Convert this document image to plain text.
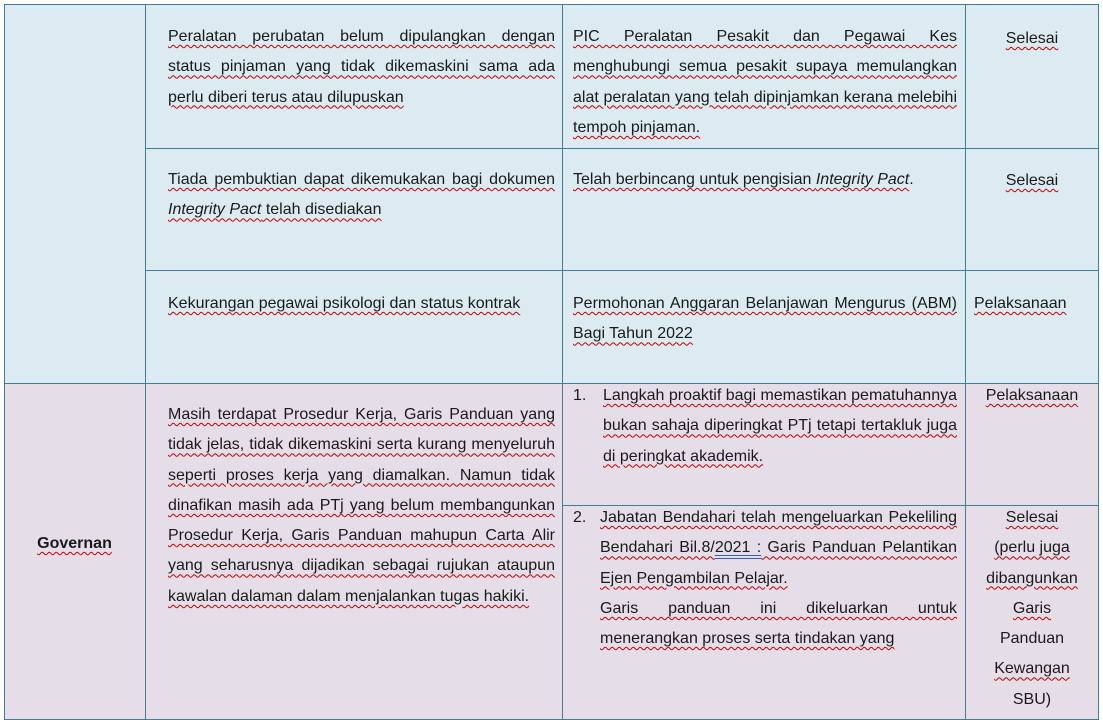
Peralatan perubatan belum dipulangkan dengan status pinjaman yang tidak dikemaskini sama ada perlu diberi terus atau dilupuskan
PIC Peralatan Pesakit dan Pegawai Kes menghubungi semua pesakit supaya memulangkan alat peralatan yang telah dipinjamkan kerana melebihi tempoh pinjaman.
Selesai
Tiada pembuktian dapat dikemukakan bagi dokumen Integrity Pact telah disediakan
Telah berbincang untuk pengisian Integrity Pact.	Selesai
Kekurangan pegawai psikologi dan status kontrak	Permohonan Anggaran Belanjawan Mengurus (ABM) Bagi Tahun 2022
Pelaksanaan
Governan
Masih terdapat Prosedur Kerja, Garis Panduan yang tidak jelas, tidak dikemaskini serta kurang menyeluruh seperti proses kerja yang diamalkan. Namun tidak dinafikan masih ada PTj yang belum membangunkan Prosedur Kerja, Garis Panduan mahupun Carta Alir yang seharusnya dijadikan sebagai rujukan ataupun kawalan dalaman dalam menjalankan tugas hakiki.
1. Langkah proaktif bagi memastikan pematuhannya bukan sahaja diperingkat PTj tetapi tertakluk juga di peringkat akademik.
Pelaksanaan
2. Jabatan Bendahari telah mengeluarkan Pekeliling Bendahari Bil.8/2021 : Garis Panduan Pelantikan Ejen Pengambilan Pelajar.
Garis panduan ini dikeluarkan untuk menerangkan proses serta tindakan yang
Selesai
(perlu juga
dibangunkan
Garis
Panduan
Kewangan
SBU)
